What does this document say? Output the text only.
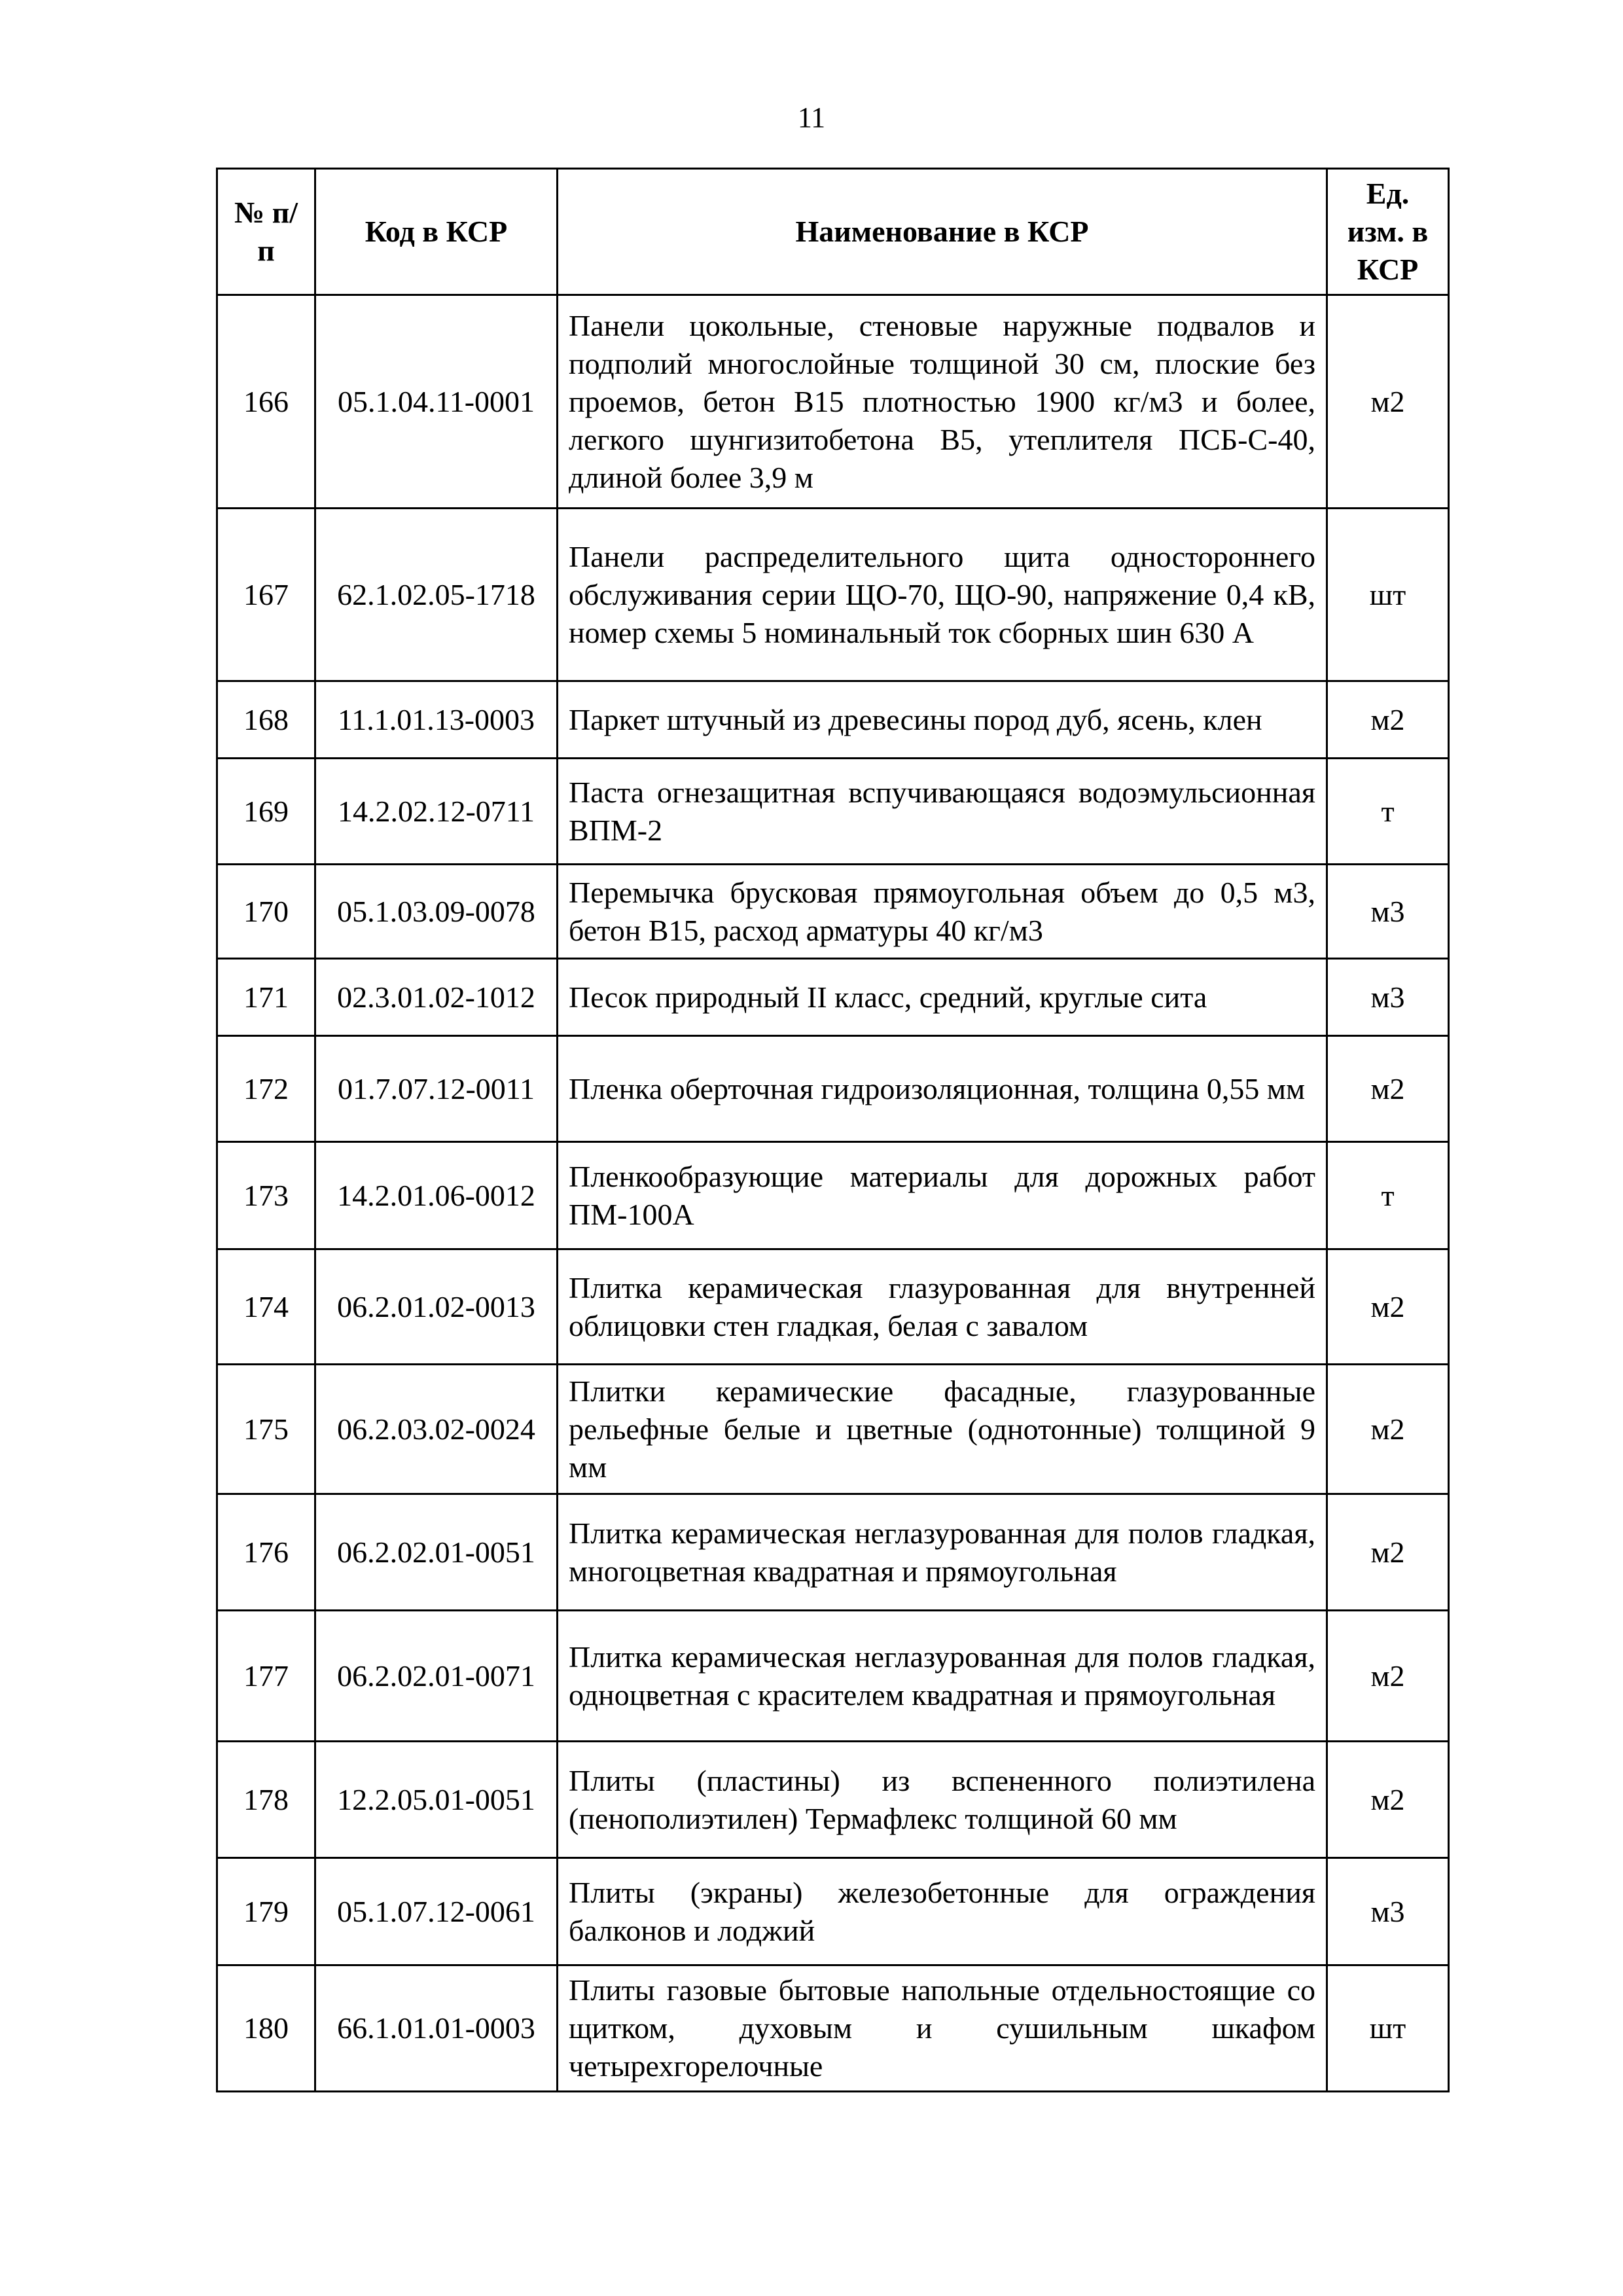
11
№ п/п	Код в КСР	Наименование в КСР	Ед. изм. в КСР
166	05.1.04.11-0001	Панели цокольные, стеновые наружные подвалов и подполий многослойные толщиной 30 см, плоские без проемов, бетон В15 плотностью 1900 кг/м3 и более, легкого шунгизитобетона В5, утеплителя ПСБ-С-40, длиной более 3,9 м	м2
167	62.1.02.05-1718	Панели распределительного щита одностороннего обслуживания серии ЩО-70, ЩО-90, напряжение 0,4 кВ, номер схемы 5 номинальный ток сборных шин 630 А	шт
168	11.1.01.13-0003	Паркет штучный из древесины пород дуб, ясень, клен	м2
169	14.2.02.12-0711	Паста огнезащитная вспучивающаяся водоэмульсионная ВПМ-2	т
170	05.1.03.09-0078	Перемычка брусковая прямоугольная объем до 0,5 м3, бетон В15, расход арматуры 40 кг/м3	м3
171	02.3.01.02-1012	Песок природный II класс, средний, круглые сита	м3
172	01.7.07.12-0011	Пленка оберточная гидроизоляционная, толщина 0,55 мм	м2
173	14.2.01.06-0012	Пленкообразующие материалы для дорожных работ ПМ-100А	т
174	06.2.01.02-0013	Плитка керамическая глазурованная для внутренней облицовки стен гладкая, белая с завалом	м2
175	06.2.03.02-0024	Плитки керамические фасадные, глазурованные рельефные белые и цветные (однотонные) толщиной 9 мм	м2
176	06.2.02.01-0051	Плитка керамическая неглазурованная для полов гладкая, многоцветная квадратная и прямоугольная	м2
177	06.2.02.01-0071	Плитка керамическая неглазурованная для полов гладкая, одноцветная с красителем квадратная и прямоугольная	м2
178	12.2.05.01-0051	Плиты (пластины) из вспененного полиэтилена (пенополиэтилен) Термафлекс толщиной 60 мм	м2
179	05.1.07.12-0061	Плиты (экраны) железобетонные для ограждения балконов и лоджий	м3
180	66.1.01.01-0003	Плиты газовые бытовые напольные отдельностоящие со щитком, духовым и сушильным шкафом четырехгорелочные	шт
